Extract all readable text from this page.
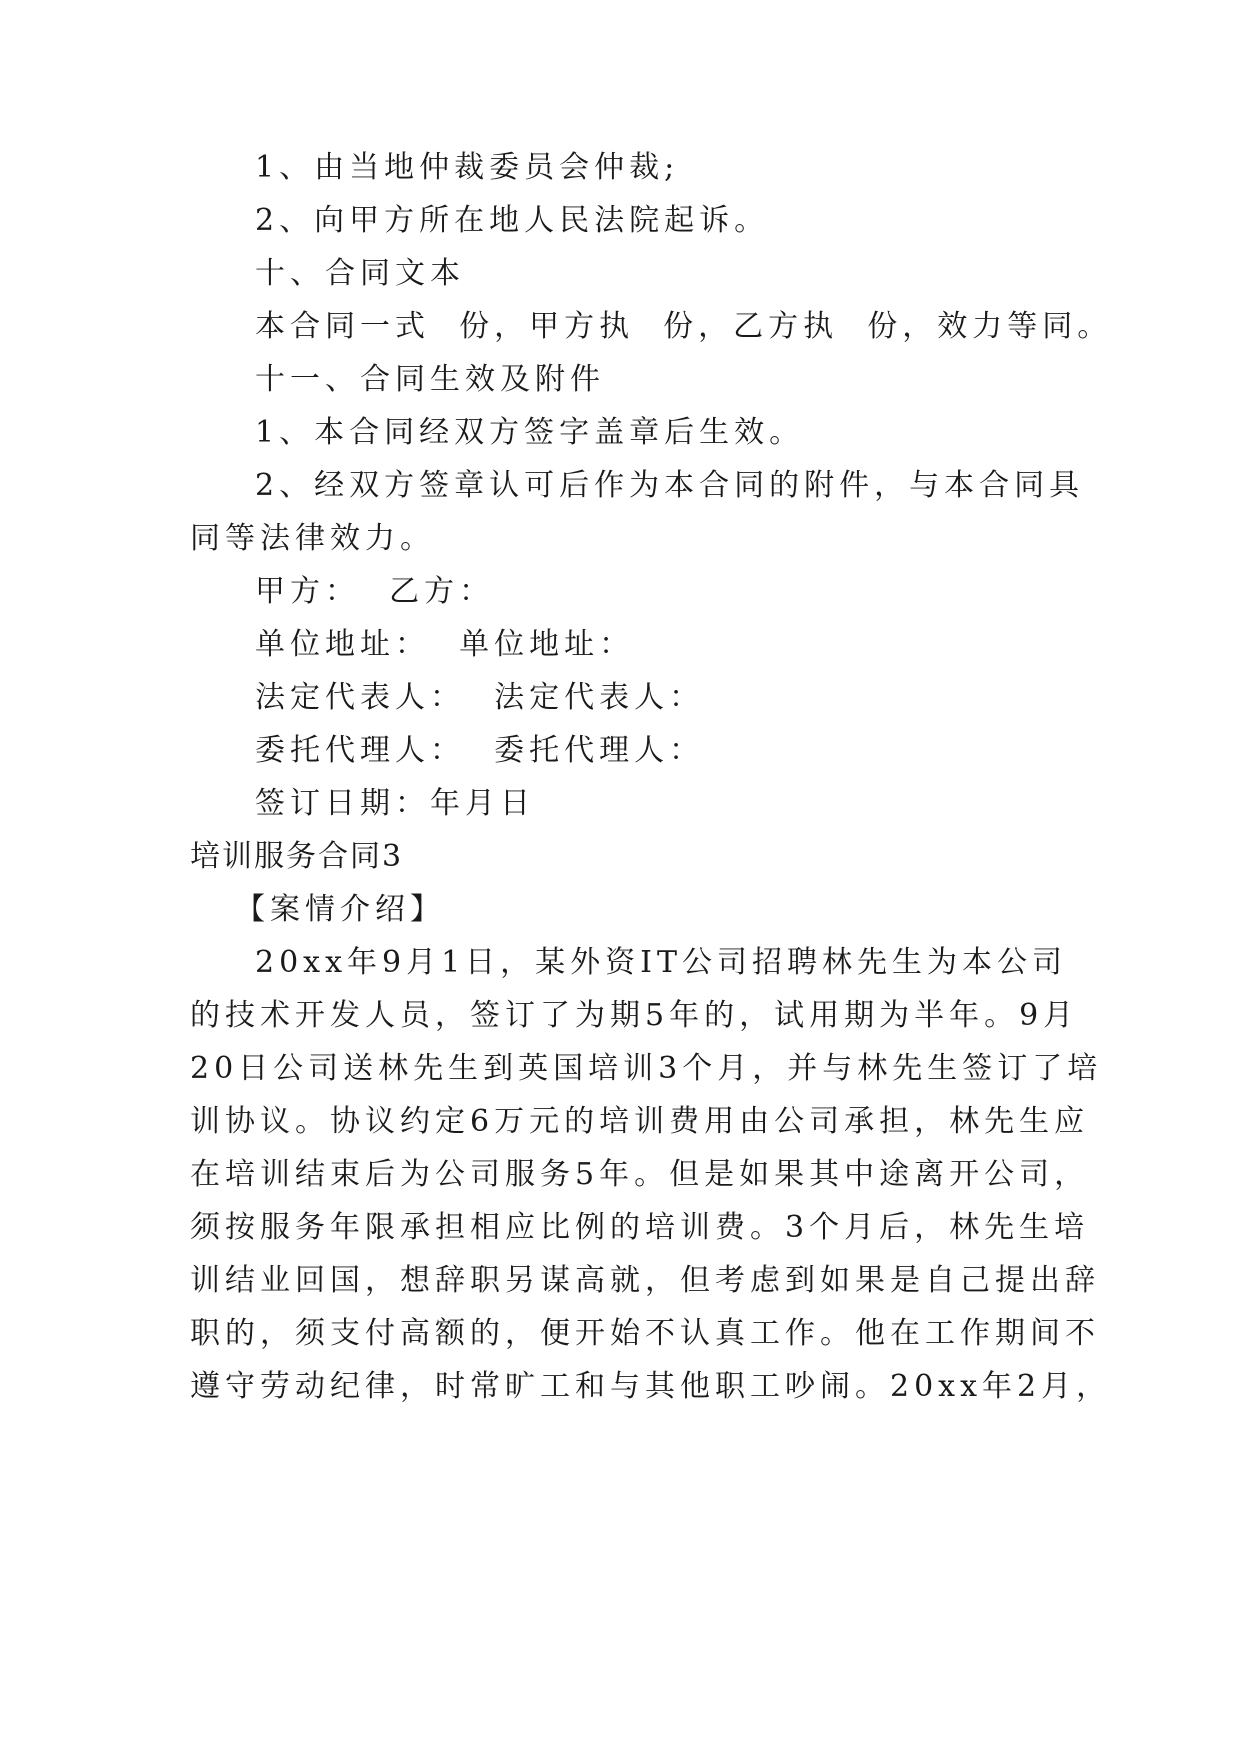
1、由当地仲裁委员会仲裁;

2、向甲方所在地人民法院起诉。

十、合同文本

本合同一式  份，甲方执  份，乙方执  份，效力等同。

十一、合同生效及附件

1、本合同经双方签字盖章后生效。

2、经双方签章认可后作为本合同的附件，与本合同具

同等法律效力。

甲方：  乙方：

单位地址：  单位地址：

法定代表人：  法定代表人：

委托代理人：  委托代理人：

签订日期：年月日

培训服务合同3

【案情介绍】

20xx年9月1日，某外资IT公司招聘林先生为本公司

的技术开发人员，签订了为期5年的，试用期为半年。9月

20日公司送林先生到英国培训3个月，并与林先生签订了培

训协议。协议约定6万元的培训费用由公司承担，林先生应

在培训结束后为公司服务5年。但是如果其中途离开公司，

须按服务年限承担相应比例的培训费。3个月后，林先生培

训结业回国，想辞职另谋高就，但考虑到如果是自己提出辞

职的，须支付高额的，便开始不认真工作。他在工作期间不

遵守劳动纪律，时常旷工和与其他职工吵闹。20xx年2月，
